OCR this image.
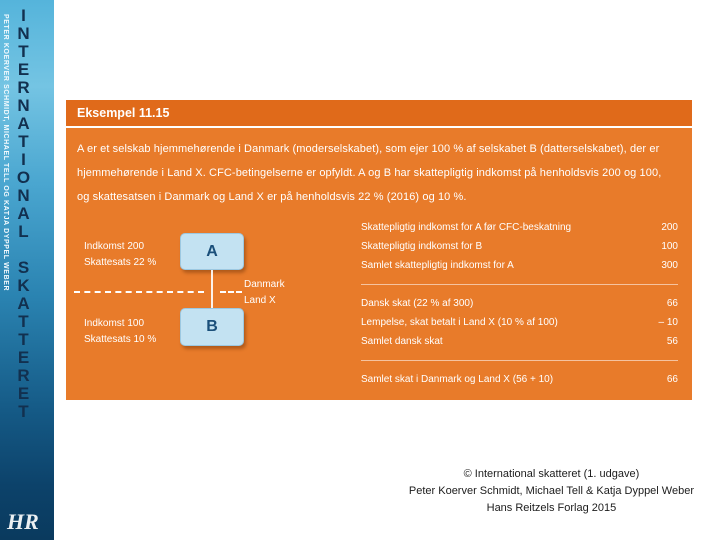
PETER KOERVER SCHMIDT, MICHAEL TELL OG KATJA DYPPEL WEBER INTERNATIONAL SKATTERET
HR
Eksempel 11.15

A er et selskab hjemmehørende i Danmark (moderselskabet), som ejer 100 % af selskabet B (datterselskabet), der er hjemmehørende i Land X. CFC-betingelserne er opfyldt. A og B har skattepligtig indkomst på henholdsvis 200 og 100, og skattesatsen i Danmark og Land X er på henholdsvis 22 % (2016) og 10 %.

Indkomst 200
Skattesats 22 %
A
Danmark
Land X
Indkomst 100
Skattesats 10 %
B
Skattepligtig indkomst for A før CFC-beskatning	200
Skattepligtig indkomst for B	100
Samlet skattepligtig indkomst for A	300
Dansk skat (22 % af 300)	66
Lempelse, skat betalt i Land X (10 % af 100)	– 10
Samlet dansk skat	56
Samlet skat i Danmark og Land X (56 + 10)	66
© International skatteret (1. udgave)
Peter Koerver Schmidt, Michael Tell & Katja Dyppel Weber
Hans Reitzels Forlag 2015
